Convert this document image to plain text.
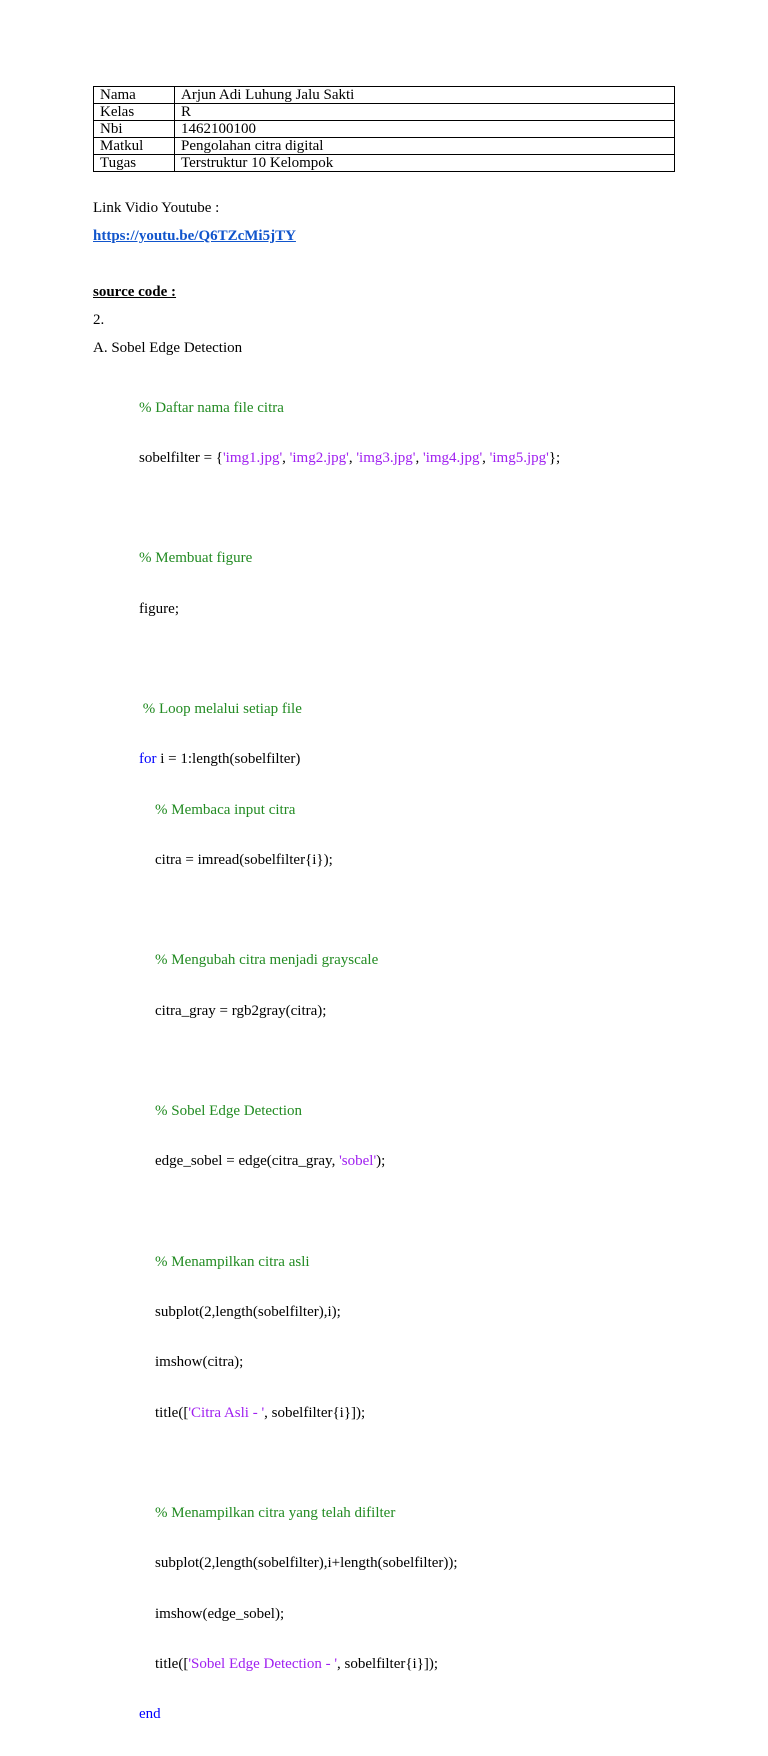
Nama	Arjun Adi Luhung Jalu Sakti
Kelas	R
Nbi	1462100100
Matkul	Pengolahan citra digital
Tugas	Terstruktur 10 Kelompok
Link Vidio Youtube :
https://youtu.be/Q6TZcMi5jTY
source code :
2.
A. Sobel Edge Detection

% Daftar nama file citra

sobelfilter = {'img1.jpg', 'img2.jpg', 'img3.jpg', 'img4.jpg', 'img5.jpg'};

% Membuat figure

figure;

% Loop melalui setiap file

for i = 1:length(sobelfilter)

% Membaca input citra

citra = imread(sobelfilter{i});

% Mengubah citra menjadi grayscale

citra_gray = rgb2gray(citra);

% Sobel Edge Detection

edge_sobel = edge(citra_gray, 'sobel');

% Menampilkan citra asli

subplot(2,length(sobelfilter),i);

imshow(citra);

title(['Citra Asli - ', sobelfilter{i}]);

% Menampilkan citra yang telah difilter

subplot(2,length(sobelfilter),i+length(sobelfilter));

imshow(edge_sobel);

title(['Sobel Edge Detection - ', sobelfilter{i}]);

end
